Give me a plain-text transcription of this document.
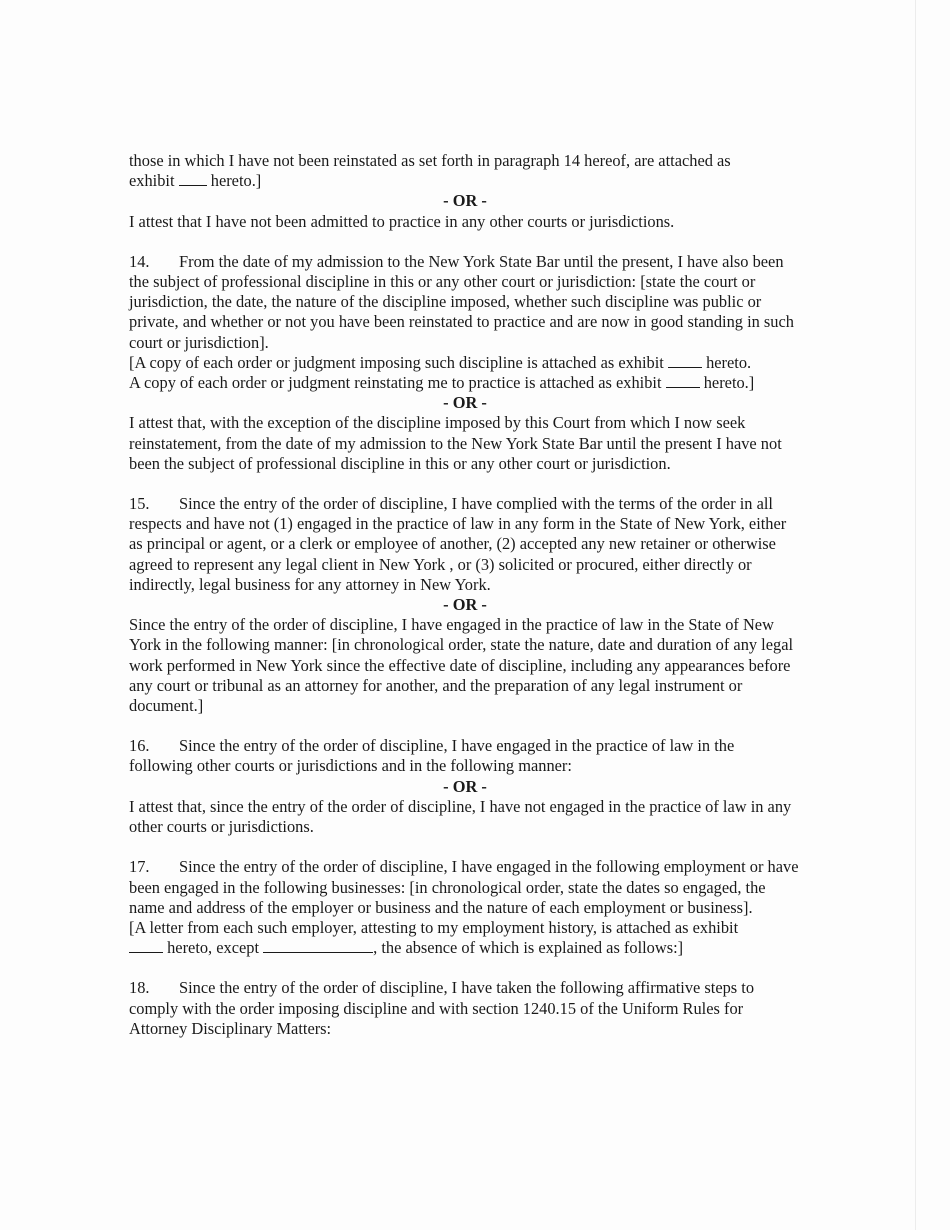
those in which I have not been reinstated as set forth in paragraph 14 hereof, are attached as

exhibit hereto.]

- OR -

I attest that I have not been admitted to practice in any other courts or jurisdictions.

14. From the date of my admission to the New York State Bar until the present, I have also been the subject of professional discipline in this or any other court or jurisdiction: [state the court or jurisdiction, the date, the nature of the discipline imposed, whether such discipline was public or private, and whether or not you have been reinstated to practice and are now in good standing in such court or jurisdiction].

[A copy of each order or judgment imposing such discipline is attached as exhibit	hereto.

A copy of each order or judgment reinstating me to practice is attached as exhibit	hereto.]

- OR -

I attest that, with the exception of the discipline imposed by this Court from which I now seek reinstatement, from the date of my admission to the New York State Bar until the present I have not been the subject of professional discipline in this or any other court or jurisdiction.

15. Since the entry of the order of discipline, I have complied with the terms of the order in all respects and have not (1) engaged in the practice of law in any form in the State of New York, either as principal or agent, or a clerk or employee of another, (2) accepted any new retainer or otherwise agreed to represent any legal client in New York , or (3) solicited or procured, either directly or indirectly, legal business for any attorney in New York.

- OR -

Since the entry of the order of discipline, I have engaged in the practice of law in the State of New York in the following manner: [in chronological order, state the nature, date and duration of any legal work performed in New York since the effective date of discipline, including any appearances before any court or tribunal as an attorney for another, and the preparation of any legal instrument or document.]

16. Since the entry of the order of discipline, I have engaged in the practice of law in the following other courts or jurisdictions and in the following manner:

- OR -

I attest that, since the entry of the order of discipline, I have not engaged in the practice of law in any other courts or jurisdictions.

17. Since the entry of the order of discipline, I have engaged in the following employment or have been engaged in the following businesses: [in chronological order, state the dates so engaged, the name and address of the employer or business and the nature of each employment or business].

[A letter from each such employer, attesting to my employment history, is attached as exhibit

hereto, except	, the absence of which is explained as follows:]

18. Since the entry of the order of discipline, I have taken the following affirmative steps to comply with the order imposing discipline and with section 1240.15 of the Uniform Rules for Attorney Disciplinary Matters:
